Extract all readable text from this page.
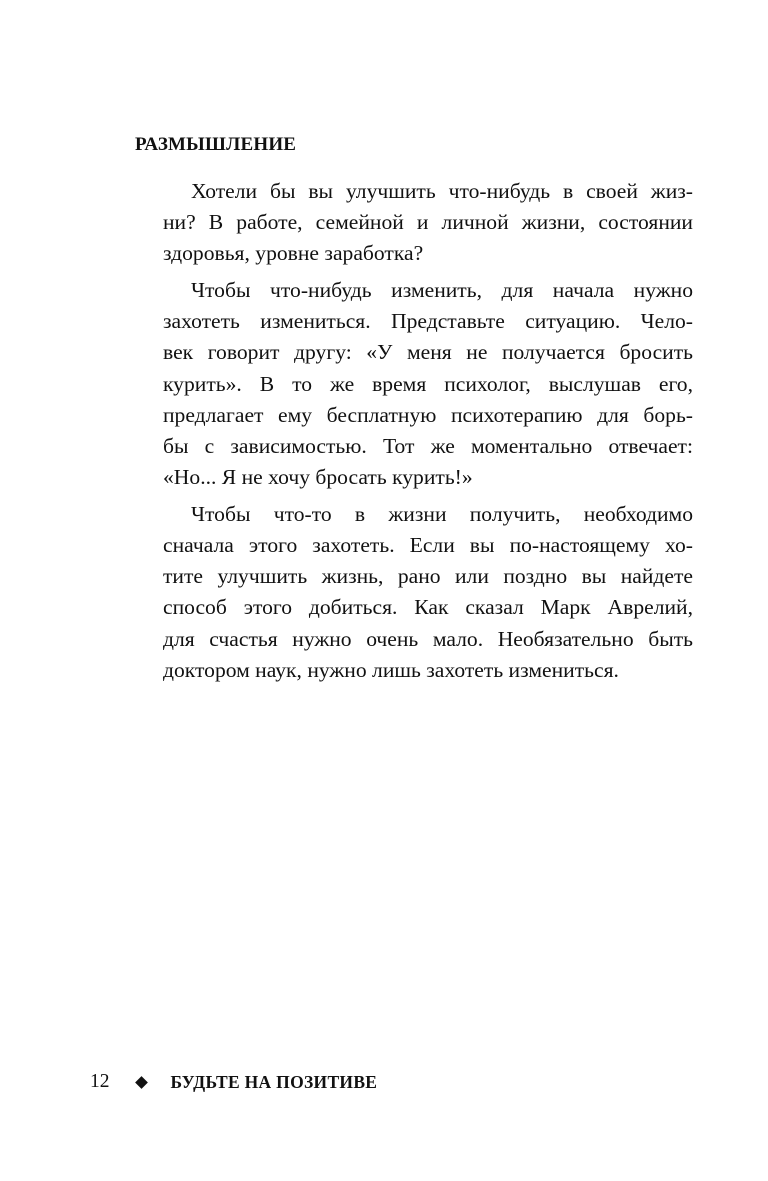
РАЗМЫШЛЕНИЕ
Хотели бы вы улучшить что-нибудь в своей жиз-
ни? В работе, семейной и личной жизни, состоянии
здоровья, уровне заработка?
Чтобы что-нибудь изменить, для начала нужно
захотеть измениться. Представьте ситуацию. Чело-
век говорит другу: «У меня не получается бросить
курить». В то же время психолог, выслушав его,
предлагает ему бесплатную психотерапию для борь-
бы с зависимостью. Тот же моментально отвечает:
«Но... Я не хочу бросать курить!»
Чтобы что-то в жизни получить, необходимо
сначала этого захотеть. Если вы по-настоящему хо-
тите улучшить жизнь, рано или поздно вы найдете
способ этого добиться. Как сказал Марк Аврелий,
для счастья нужно очень мало. Необязательно быть
доктором наук, нужно лишь захотеть измениться.
12	БУДЬТЕ НА ПОЗИТИВЕ
